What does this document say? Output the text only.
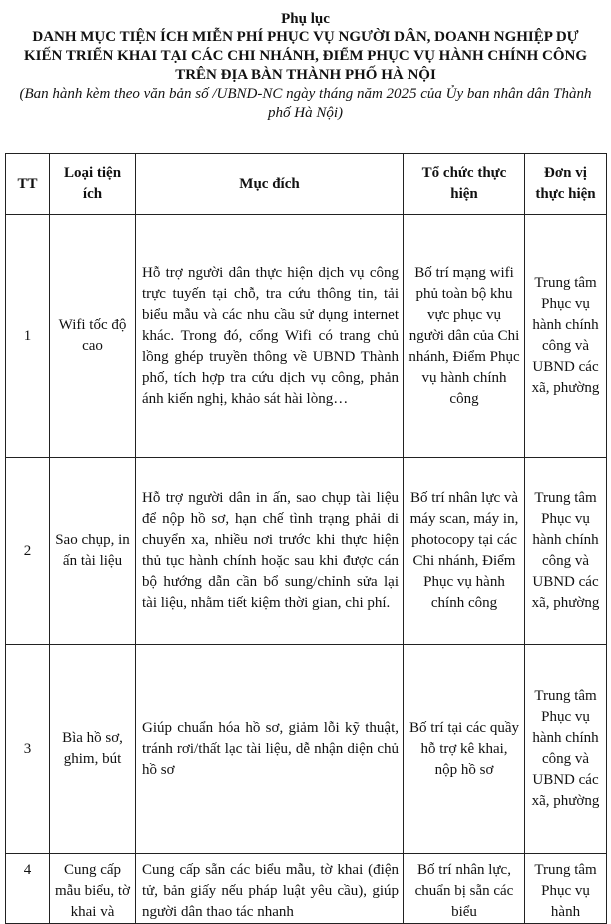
Phụ lục
DANH MỤC TIỆN ÍCH MIỄN PHÍ PHỤC VỤ NGƯỜI DÂN, DOANH NGHIỆP DỰ KIẾN TRIỂN KHAI TẠI CÁC CHI NHÁNH, ĐIỂM PHỤC VỤ HÀNH CHÍNH CÔNG TRÊN ĐỊA BÀN THÀNH PHỐ HÀ NỘI
(Ban hành kèm theo văn bản số /UBND-NC ngày tháng năm 2025 của Ủy ban nhân dân Thành phố Hà Nội)
TT	Loại tiện ích	Mục đích	Tổ chức thực hiện	Đơn vị thực hiện
1	Wifi tốc độ cao	Hỗ trợ người dân thực hiện dịch vụ công trực tuyến tại chỗ, tra cứu thông tin, tải biểu mẫu và các nhu cầu sử dụng internet khác. Trong đó, cổng Wifi có trang chủ lồng ghép truyền thông về UBND Thành phố, tích hợp tra cứu dịch vụ công, phản ánh kiến nghị, khảo sát hài lòng…	Bố trí mạng wifi phủ toàn bộ khu vực phục vụ người dân của Chi nhánh, Điểm Phục vụ hành chính công	Trung tâm Phục vụ hành chính công và UBND các xã, phường
2	Sao chụp, in ấn tài liệu	Hỗ trợ người dân in ấn, sao chụp tài liệu để nộp hồ sơ, hạn chế tình trạng phải di chuyển xa, nhiều nơi trước khi thực hiện thủ tục hành chính hoặc sau khi được cán bộ hướng dẫn cần bổ sung/chỉnh sửa lại tài liệu, nhằm tiết kiệm thời gian, chi phí.	Bố trí nhân lực và máy scan, máy in, photocopy tại các Chi nhánh, Điểm Phục vụ hành chính công	Trung tâm Phục vụ hành chính công và UBND các xã, phường
3	Bìa hồ sơ, ghim, bút	Giúp chuẩn hóa hồ sơ, giảm lỗi kỹ thuật, tránh rơi/thất lạc tài liệu, dễ nhận diện chủ hồ sơ	Bố trí tại các quầy hỗ trợ kê khai, nộp hồ sơ	Trung tâm Phục vụ hành chính công và UBND các xã, phường
4	Cung cấp mẫu biểu, tờ khai và	Cung cấp sẵn các biểu mẫu, tờ khai (điện tử, bản giấy nếu pháp luật yêu cầu), giúp người dân thao tác nhanh	Bố trí nhân lực, chuẩn bị sẵn các biểu	Trung tâm Phục vụ hành
